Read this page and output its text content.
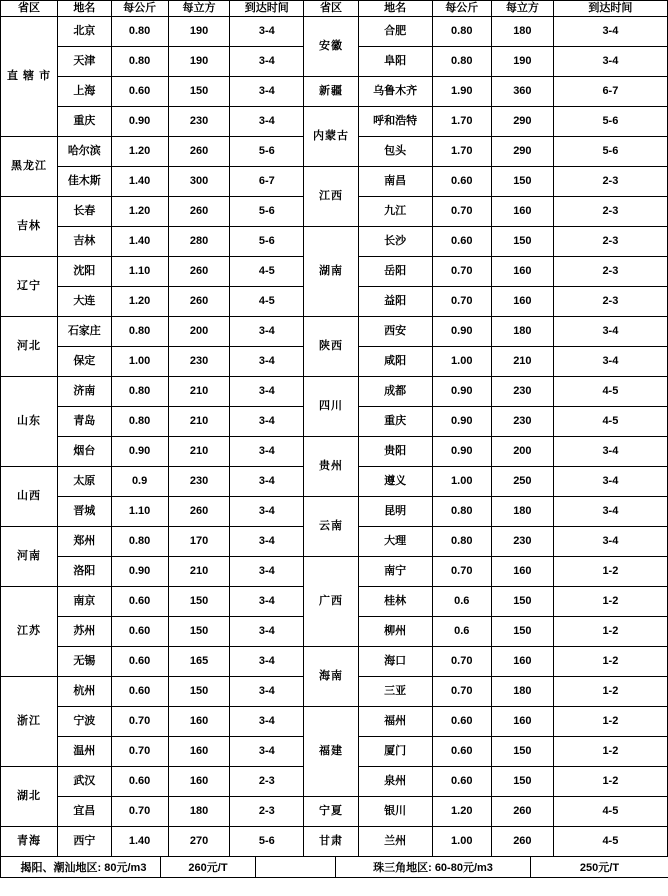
省区	地名	每公斤	每立方	到达时间	省区	地名	每公斤	每立方	到达时间
直 辖 市	北京	0.80	190	3-4	安徽	合肥	0.80	180	3-4
	天津	0.80	190	3-4		阜阳	0.80	190	3-4
	上海	0.60	150	3-4	新疆	乌鲁木齐	1.90	360	6-7
	重庆	0.90	230	3-4	内蒙古	呼和浩特	1.70	290	5-6
黑龙江	哈尔滨	1.20	260	5-6		包头	1.70	290	5-6
	佳木斯	1.40	300	6-7	江西	南昌	0.60	150	2-3
吉林	长春	1.20	260	5-6		九江	0.70	160	2-3
	吉林	1.40	280	5-6	湖南	长沙	0.60	150	2-3
辽宁	沈阳	1.10	260	4-5		岳阳	0.70	160	2-3
	大连	1.20	260	4-5		益阳	0.70	160	2-3
河北	石家庄	0.80	200	3-4	陕西	西安	0.90	180	3-4
	保定	1.00	230	3-4		咸阳	1.00	210	3-4
山东	济南	0.80	210	3-4	四川	成都	0.90	230	4-5
	青岛	0.80	210	3-4		重庆	0.90	230	4-5
	烟台	0.90	210	3-4	贵州	贵阳	0.90	200	3-4
山西	太原	0.9	230	3-4		遵义	1.00	250	3-4
	晋城	1.10	260	3-4	云南	昆明	0.80	180	3-4
河南	郑州	0.80	170	3-4		大理	0.80	230	3-4
	洛阳	0.90	210	3-4	广西	南宁	0.70	160	1-2
江苏	南京	0.60	150	3-4		桂林	0.6	150	1-2
	苏州	0.60	150	3-4		柳州	0.6	150	1-2
	无锡	0.60	165	3-4	海南	海口	0.70	160	1-2
浙江	杭州	0.60	150	3-4		三亚	0.70	180	1-2
	宁波	0.70	160	3-4	福建	福州	0.60	160	1-2
	温州	0.70	160	3-4		厦门	0.60	150	1-2
湖北	武汉	0.60	160	2-3		泉州	0.60	150	1-2
	宜昌	0.70	180	2-3	宁夏	银川	1.20	260	4-5
青海	西宁	1.40	270	5-6	甘肃	兰州	1.00	260	4-5
揭阳、潮汕地区: 80元/m3	260元/T		珠三角地区: 60-80元/m3	250元/T
